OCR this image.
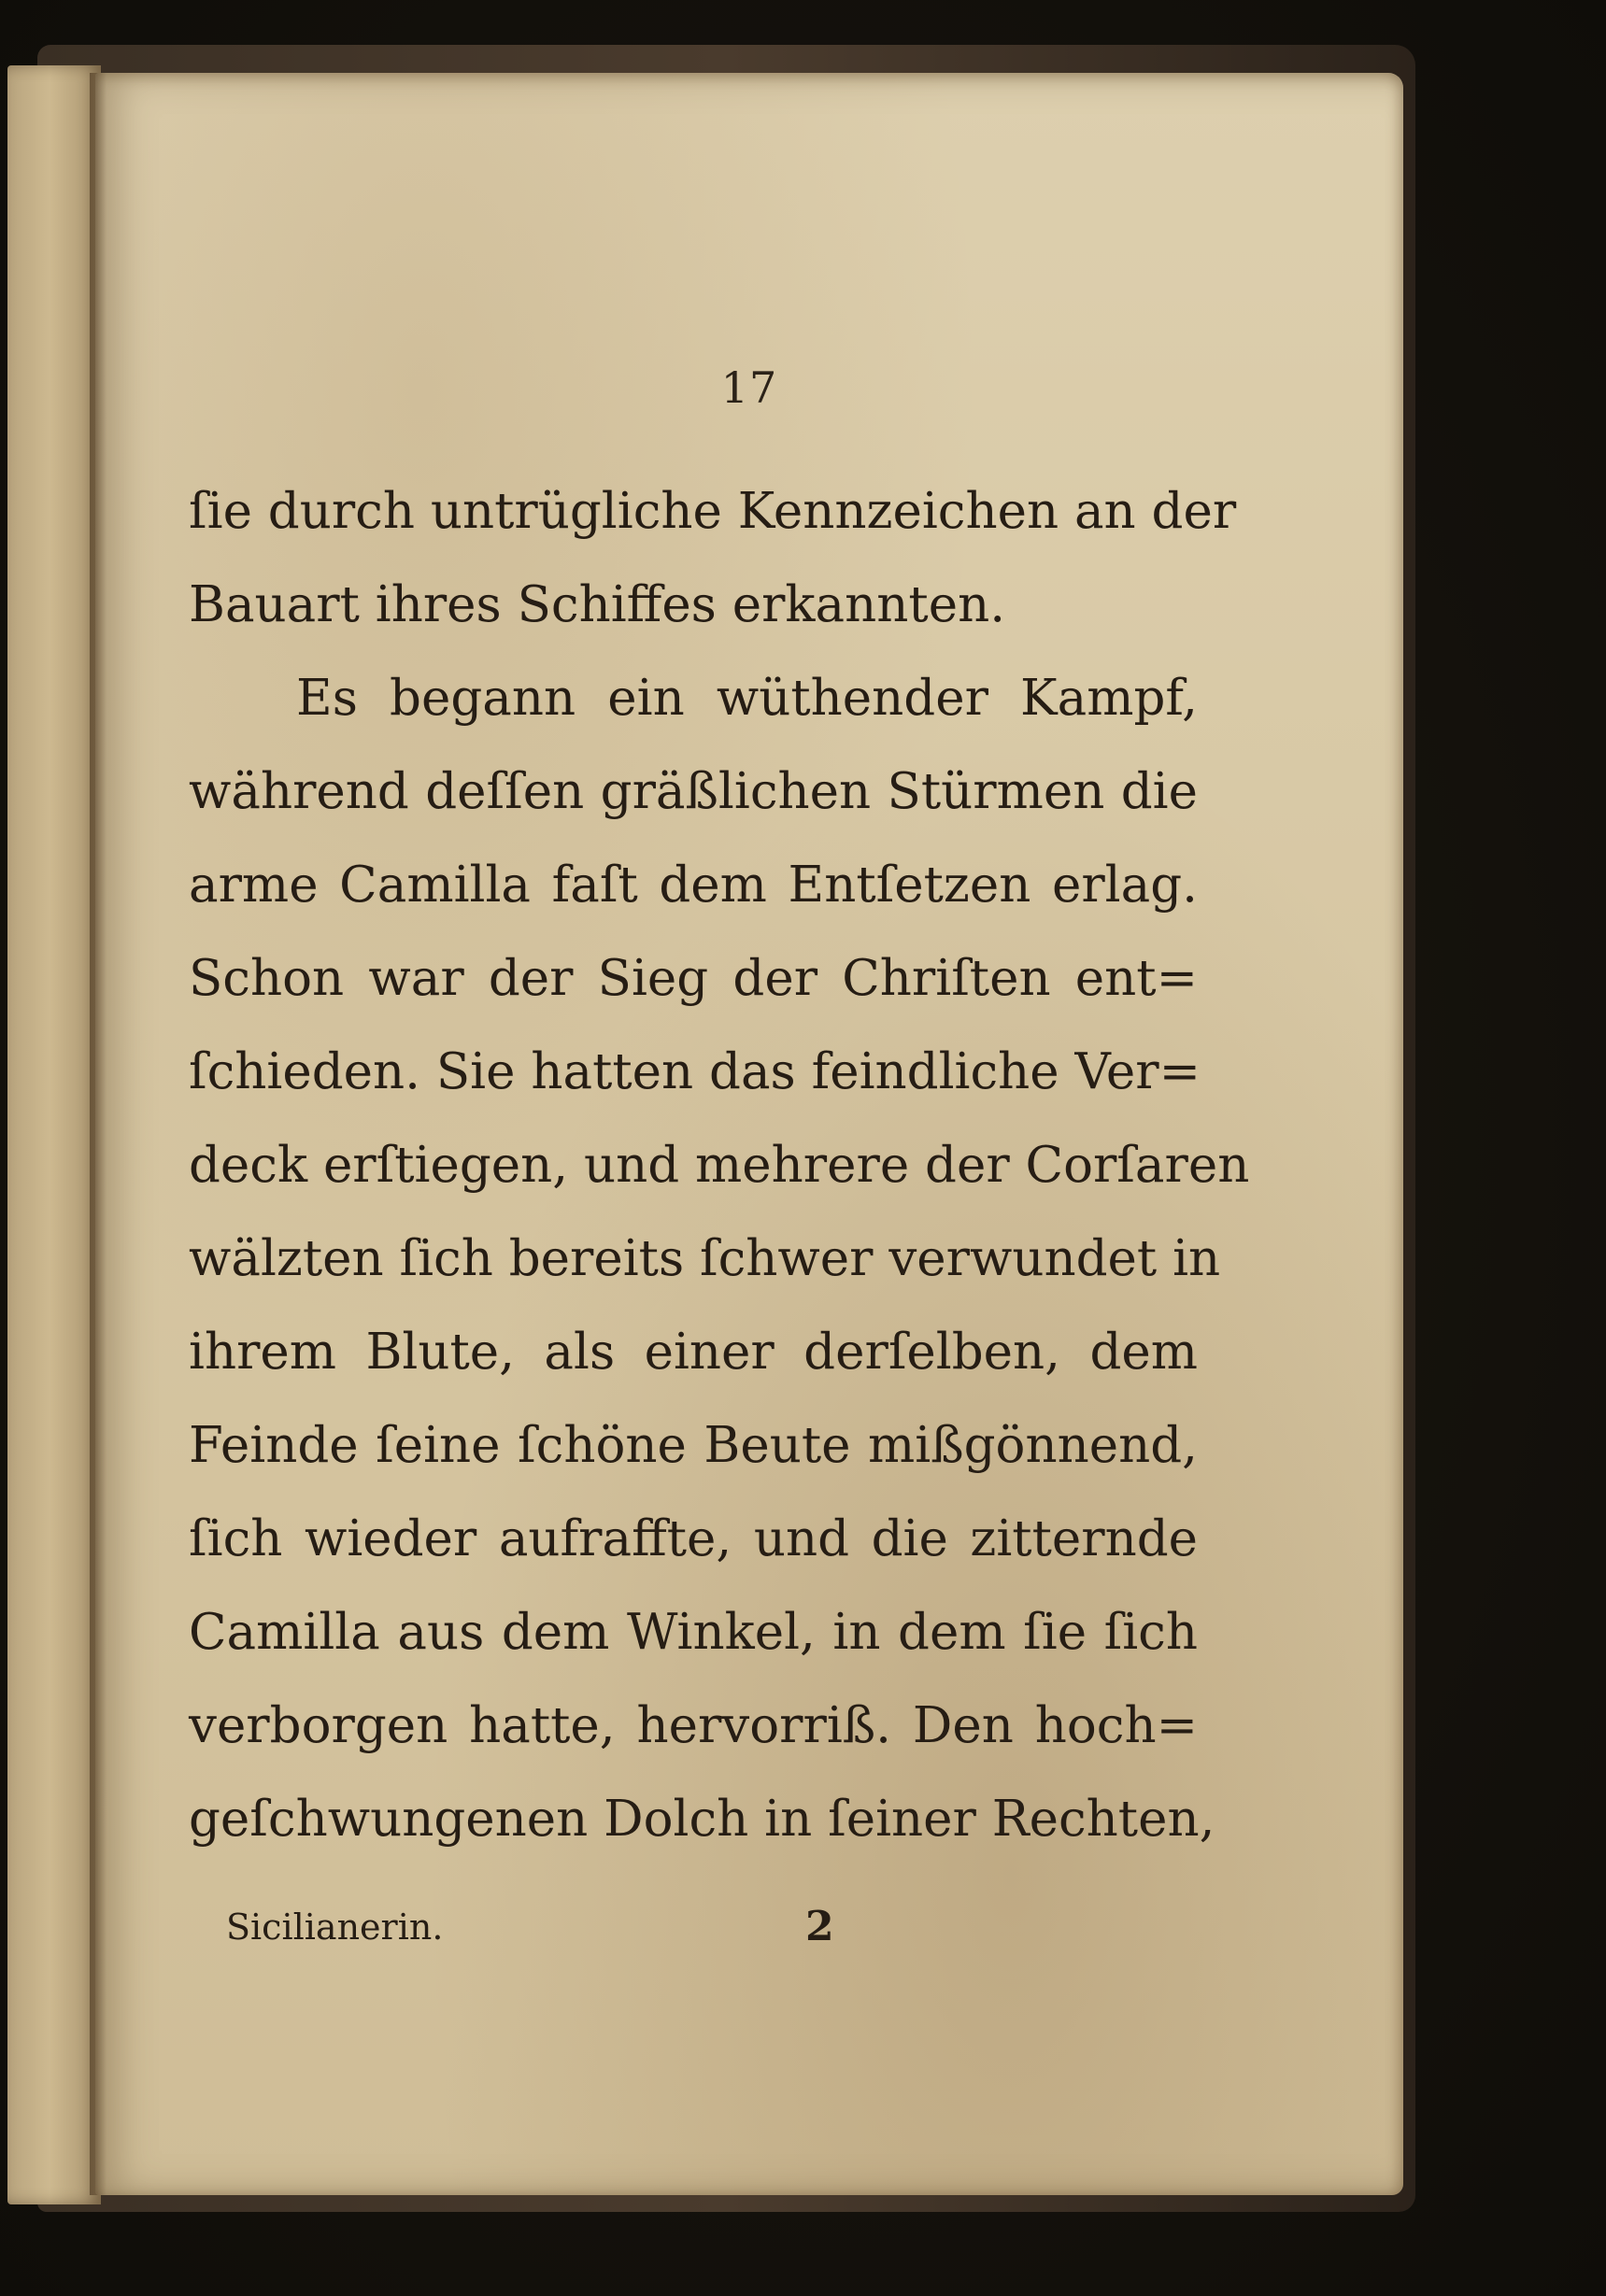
17
ſie durch untrügliche Kennzeichen an der
Bauart ihres Schiffes erkannten.
Es begann ein wüthender Kampf,
während deſſen gräßlichen Stürmen die
arme Camilla faſt dem Entſetzen erlag.
Schon war der Sieg der Chriſten ent=
ſchieden. Sie hatten das feindliche Ver=
deck erſtiegen, und mehrere der Corſaren
wälzten ſich bereits ſchwer verwundet in
ihrem Blute, als einer derſelben, dem
Feinde ſeine ſchöne Beute mißgönnend,
ſich wieder aufraffte, und die zitternde
Camilla aus dem Winkel, in dem ſie ſich
verborgen hatte, hervorriß. Den hoch=
geſchwungenen Dolch in ſeiner Rechten,
Sicilianerin.	2
